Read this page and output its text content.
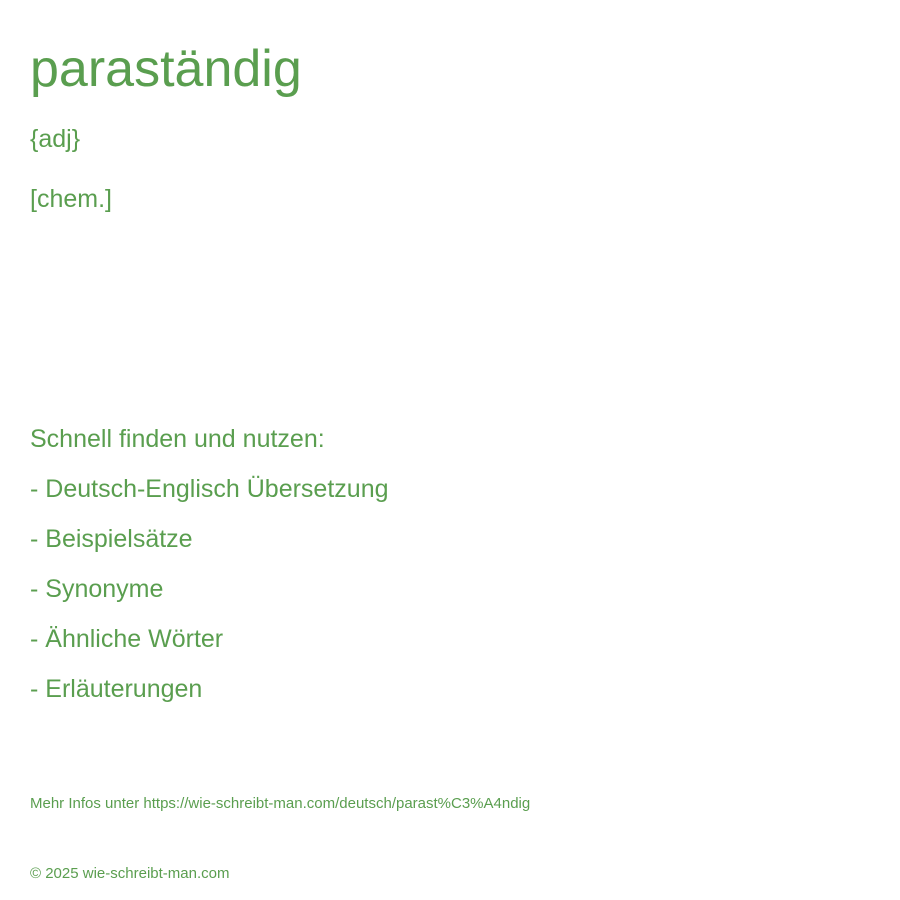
paraständig
{adj}
[chem.]
Schnell finden und nutzen:
- Deutsch-Englisch Übersetzung
- Beispielsätze
- Synonyme
- Ähnliche Wörter
- Erläuterungen
Mehr Infos unter https://wie-schreibt-man.com/deutsch/parast%C3%A4ndig
© 2025 wie-schreibt-man.com
